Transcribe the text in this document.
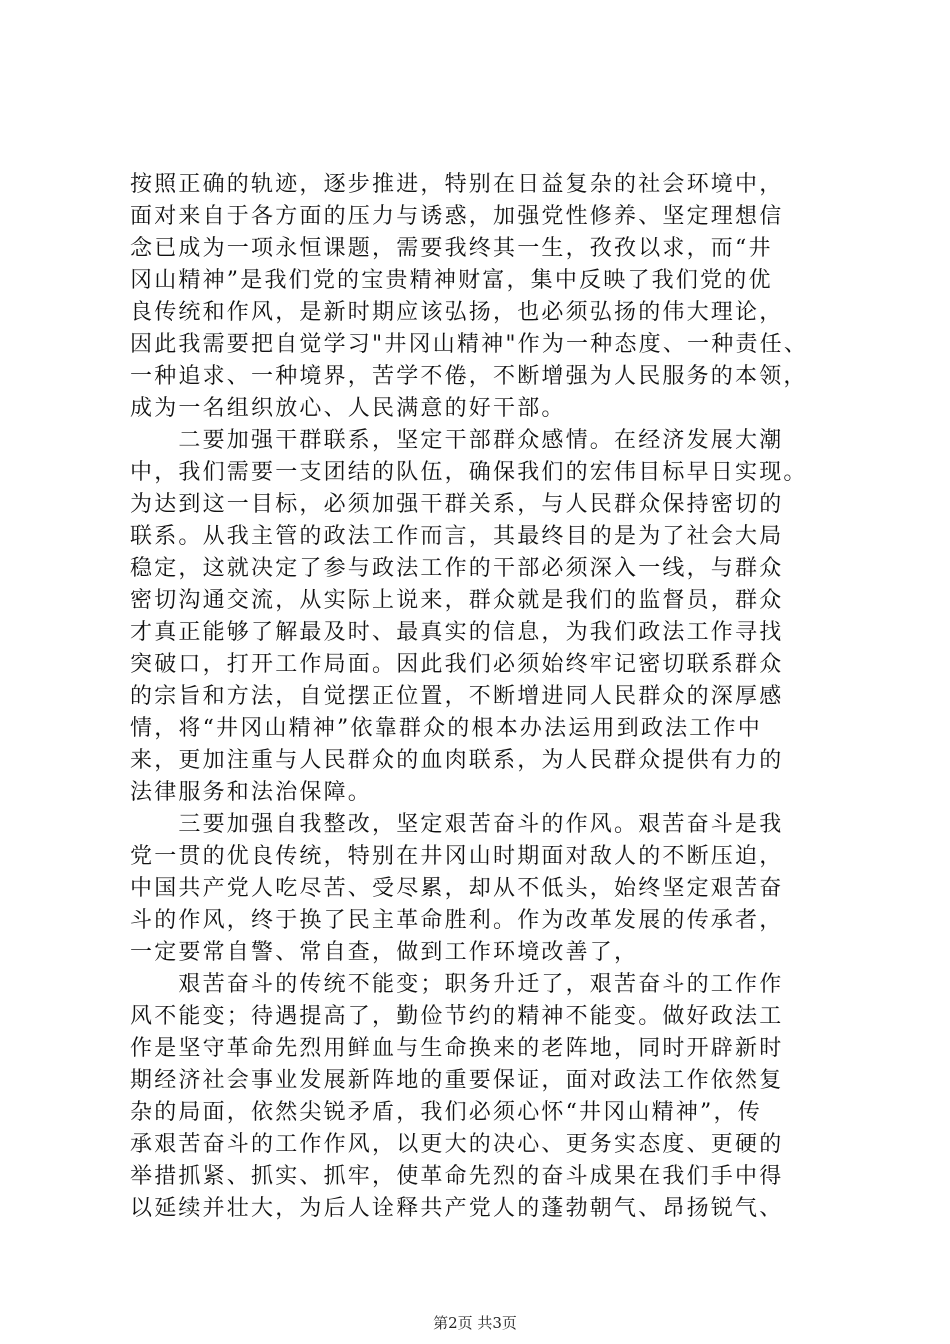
按照正确的轨迹，逐步推进，特别在日益复杂的社会环境中，
面对来自于各方面的压力与诱惑，加强党性修养、坚定理想信
念已成为一项永恒课题，需要我终其一生，孜孜以求，而“井
冈山精神”是我们党的宝贵精神财富，集中反映了我们党的优
良传统和作风，是新时期应该弘扬，也必须弘扬的伟大理论，
因此我需要把自觉学习"井冈山精神"作为一种态度、一种责任、
一种追求、一种境界，苦学不倦，不断增强为人民服务的本领，
成为一名组织放心、人民满意的好干部。
　　二要加强干群联系，坚定干部群众感情。在经济发展大潮
中，我们需要一支团结的队伍，确保我们的宏伟目标早日实现。
为达到这一目标，必须加强干群关系，与人民群众保持密切的
联系。从我主管的政法工作而言，其最终目的是为了社会大局
稳定，这就决定了参与政法工作的干部必须深入一线，与群众
密切沟通交流，从实际上说来，群众就是我们的监督员，群众
才真正能够了解最及时、最真实的信息，为我们政法工作寻找
突破口，打开工作局面。因此我们必须始终牢记密切联系群众
的宗旨和方法，自觉摆正位置，不断增进同人民群众的深厚感
情，将“井冈山精神”依靠群众的根本办法运用到政法工作中
来，更加注重与人民群众的血肉联系，为人民群众提供有力的
法律服务和法治保障。
　　三要加强自我整改，坚定艰苦奋斗的作风。艰苦奋斗是我
党一贯的优良传统，特别在井冈山时期面对敌人的不断压迫，
中国共产党人吃尽苦、受尽累，却从不低头，始终坚定艰苦奋
斗的作风，终于换了民主革命胜利。作为改革发展的传承者，
一定要常自警、常自查，做到工作环境改善了，
　　艰苦奋斗的传统不能变；职务升迁了，艰苦奋斗的工作作
风不能变；待遇提高了，勤俭节约的精神不能变。做好政法工
作是坚守革命先烈用鲜血与生命换来的老阵地，同时开辟新时
期经济社会事业发展新阵地的重要保证，面对政法工作依然复
杂的局面，依然尖锐矛盾，我们必须心怀“井冈山精神”，传
承艰苦奋斗的工作作风，以更大的决心、更务实态度、更硬的
举措抓紧、抓实、抓牢，使革命先烈的奋斗成果在我们手中得
以延续并壮大，为后人诠释共产党人的蓬勃朝气、昂扬锐气、
第2页 共3页
